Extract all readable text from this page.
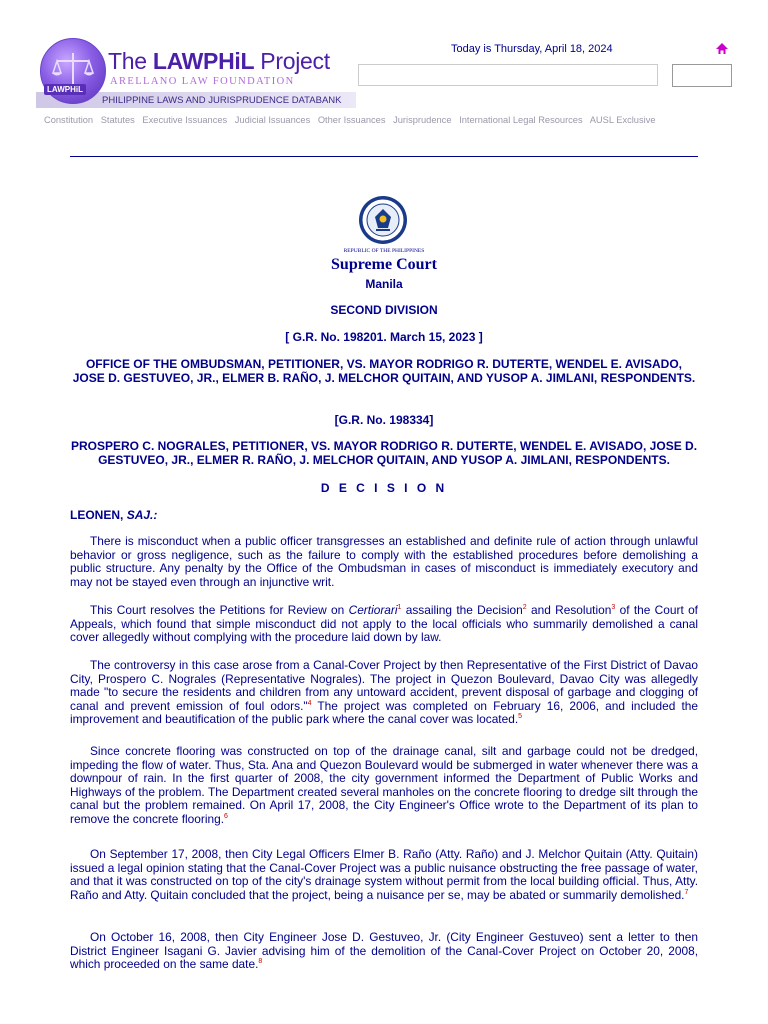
LAWPHiL
The LAWPHiL Project
ARELLANO LAW FOUNDATION
PHILIPPINE LAWS AND JURISPRUDENCE DATABANK
Today is Thursday, April 18, 2024
Constitution Statutes Executive Issuances Judicial Issuances Other Issuances Jurisprudence International Legal Resources AUSL Exclusive
REPUBLIC OF THE PHILIPPINES
Supreme Court
Manila
SECOND DIVISION
[ G.R. No. 198201. March 15, 2023 ]
OFFICE OF THE OMBUDSMAN, PETITIONER, VS. MAYOR RODRIGO R. DUTERTE, WENDEL E. AVISADO, JOSE D. GESTUVEO, JR., ELMER B. RAÑO, J. MELCHOR QUITAIN, AND YUSOP A. JIMLANI, RESPONDENTS.
[G.R. No. 198334]
PROSPERO C. NOGRALES, PETITIONER, VS. MAYOR RODRIGO R. DUTERTE, WENDEL E. AVISADO, JOSE D. GESTUVEO, JR., ELMER R. RAÑO, J. MELCHOR QUITAIN, AND YUSOP A. JIMLANI, RESPONDENTS.
D E C I S I O N
LEONEN, SAJ.:

There is misconduct when a public officer transgresses an established and definite rule of action through unlawful behavior or gross negligence, such as the failure to comply with the established procedures before demolishing a public structure. Any penalty by the Office of the Ombudsman in cases of misconduct is immediately executory and may not be stayed even through an injunctive writ.

This Court resolves the Petitions for Review on Certiorari$^1$ assailing the Decision$^2$ and Resolution$^3$ of the Court of Appeals, which found that simple misconduct did not apply to the local officials who summarily demolished a canal cover allegedly without complying with the procedure laid down by law.

The controversy in this case arose from a Canal-Cover Project by then Representative of the First District of Davao City, Prospero C. Nograles (Representative Nograles). The project in Quezon Boulevard, Davao City was allegedly made "to secure the residents and children from any untoward accident, prevent disposal of garbage and clogging of canal and prevent emission of foul odors."$^4$ The project was completed on February 16, 2006, and included the improvement and beautification of the public park where the canal cover was located.$^5$

Since concrete flooring was constructed on top of the drainage canal, silt and garbage could not be dredged, impeding the flow of water. Thus, Sta. Ana and Quezon Boulevard would be submerged in water whenever there was a downpour of rain. In the first quarter of 2008, the city government informed the Department of Public Works and Highways of the problem. The Department created several manholes on the concrete flooring to dredge silt through the canal but the problem remained. On April 17, 2008, the City Engineer's Office wrote to the Department of its plan to remove the concrete flooring.$^6$

On September 17, 2008, then City Legal Officers Elmer B. Raño (Atty. Raño) and J. Melchor Quitain (Atty. Quitain) issued a legal opinion stating that the Canal-Cover Project was a public nuisance obstructing the free passage of water, and that it was constructed on top of the city's drainage system without permit from the local building official. Thus, Atty. Raño and Atty. Quitain concluded that the project, being a nuisance per se, may be abated or summarily demolished.$^7$

On October 16, 2008, then City Engineer Jose D. Gestuveo, Jr. (City Engineer Gestuveo) sent a letter to then District Engineer Isagani G. Javier advising him of the demolition of the Canal-Cover Project on October 20, 2008, which proceeded on the same date.$^8$
